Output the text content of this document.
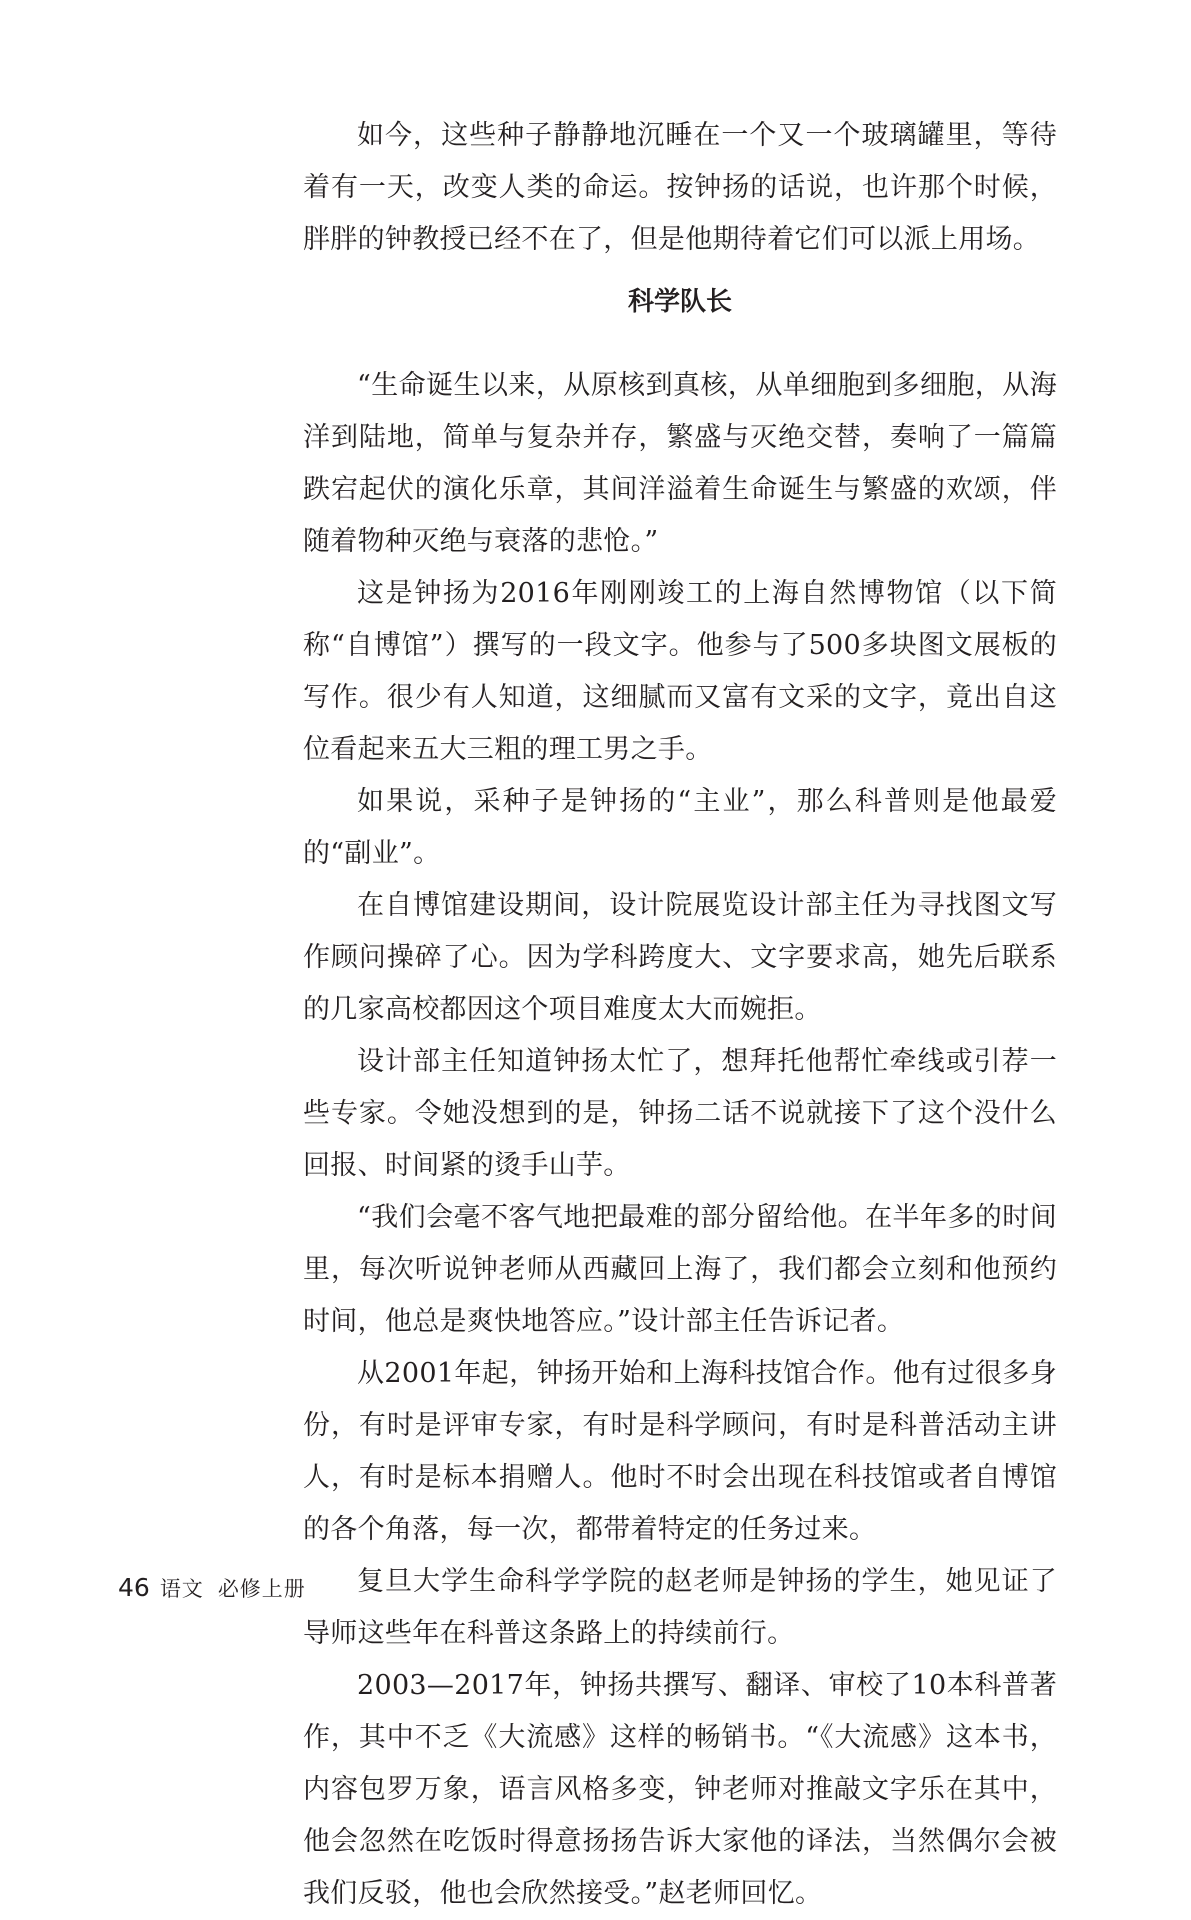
如今，这些种子静静地沉睡在一个又一个玻璃罐里，等待着有一天，改变人类的命运。按钟扬的话说，也许那个时候，胖胖的钟教授已经不在了，但是他期待着它们可以派上用场。

科学队长

“生命诞生以来，从原核到真核，从单细胞到多细胞，从海洋到陆地，简单与复杂并存，繁盛与灭绝交替，奏响了一篇篇跌宕起伏的演化乐章，其间洋溢着生命诞生与繁盛的欢颂，伴随着物种灭绝与衰落的悲怆。”

这是钟扬为2016年刚刚竣工的上海自然博物馆（以下简称“自博馆”）撰写的一段文字。他参与了500多块图文展板的写作。很少有人知道，这细腻而又富有文采的文字，竟出自这位看起来五大三粗的理工男之手。

如果说，采种子是钟扬的“主业”，那么科普则是他最爱的“副业”。

在自博馆建设期间，设计院展览设计部主任为寻找图文写作顾问操碎了心。因为学科跨度大、文字要求高，她先后联系的几家高校都因这个项目难度太大而婉拒。

设计部主任知道钟扬太忙了，想拜托他帮忙牵线或引荐一些专家。令她没想到的是，钟扬二话不说就接下了这个没什么回报、时间紧的烫手山芋。

“我们会毫不客气地把最难的部分留给他。在半年多的时间里，每次听说钟老师从西藏回上海了，我们都会立刻和他预约时间，他总是爽快地答应。”设计部主任告诉记者。

从2001年起，钟扬开始和上海科技馆合作。他有过很多身份，有时是评审专家，有时是科学顾问，有时是科普活动主讲人，有时是标本捐赠人。他时不时会出现在科技馆或者自博馆的各个角落，每一次，都带着特定的任务过来。

复旦大学生命科学学院的赵老师是钟扬的学生，她见证了导师这些年在科普这条路上的持续前行。

2003—2017年，钟扬共撰写、翻译、审校了10本科普著作，其中不乏《大流感》这样的畅销书。“《大流感》这本书，内容包罗万象，语言风格多变，钟老师对推敲文字乐在其中，他会忽然在吃饭时得意扬扬告诉大家他的译法，当然偶尔会被我们反驳，他也会欣然接受。”赵老师回忆。

46 语文 必修上册
